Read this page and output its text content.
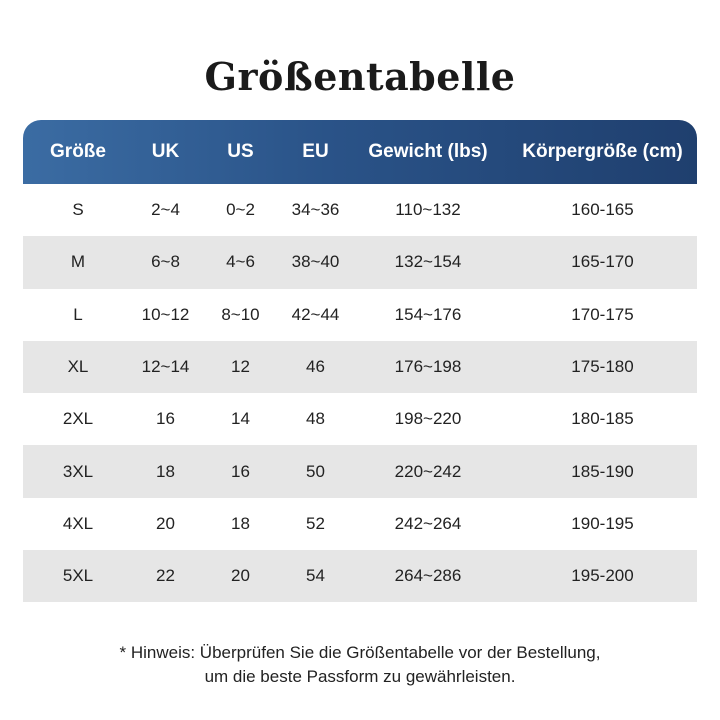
Größentabelle
Größe	UK	US	EU	Gewicht (lbs)	Körpergröße (cm)
S	2~4	0~2	34~36	110~132	160-165
M	6~8	4~6	38~40	132~154	165-170
L	10~12	8~10	42~44	154~176	170-175
XL	12~14	12	46	176~198	175-180
2XL	16	14	48	198~220	180-185
3XL	18	16	50	220~242	185-190
4XL	20	18	52	242~264	190-195
5XL	22	20	54	264~286	195-200
* Hinweis: Überprüfen Sie die Größentabelle vor der Bestellung,
um die beste Passform zu gewährleisten.
